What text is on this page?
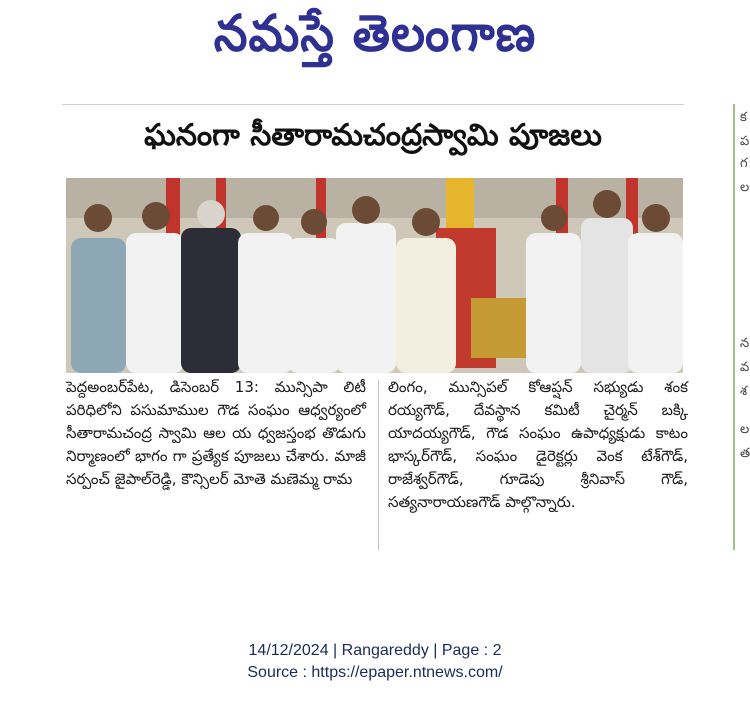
నమస్తే తెలంగాణ
ఘనంగా సీతారామచంద్రస్వామి పూజలు

పెద్దఅంబర్‌పేట, డిసెంబర్ 13: మున్సిపా లిటీ పరిధిలోని పసుమాముల గౌడ సంఘం ఆధ్వర్యంలో సీతారామచంద్ర స్వామి ఆల య ధ్వజస్తంభ తొడుగు నిర్మాణంలో భాగం గా ప్రత్యేక పూజలు చేశారు. మాజీ సర్పంచ్ జైపాల్‌రెడ్డి, కౌన్సిలర్ మోతె మణెమ్మ రామ

లింగం, మున్సిపల్ కోఆప్షన్ సభ్యుడు శంక రయ్యగౌడ్, దేవస్థాన కమిటీ చైర్మన్ బక్కి యాదయ్యగౌడ్, గౌడ సంఘం ఉపాధ్యక్షుడు కాటం భాస్కర్‌గౌడ్, సంఘం డైరెక్టర్లు వెంక టేశ్‌గౌడ్, రాజేశ్వర్‌గౌడ్, గూడెపు శ్రీనివాస్ గౌడ్, సత్యనారాయణగౌడ్ పాల్గొన్నారు.

క
ప
గ
ల
న
వ
శ
ల
త
14/12/2024 | Rangareddy | Page : 2
Source : https://epaper.ntnews.com/
